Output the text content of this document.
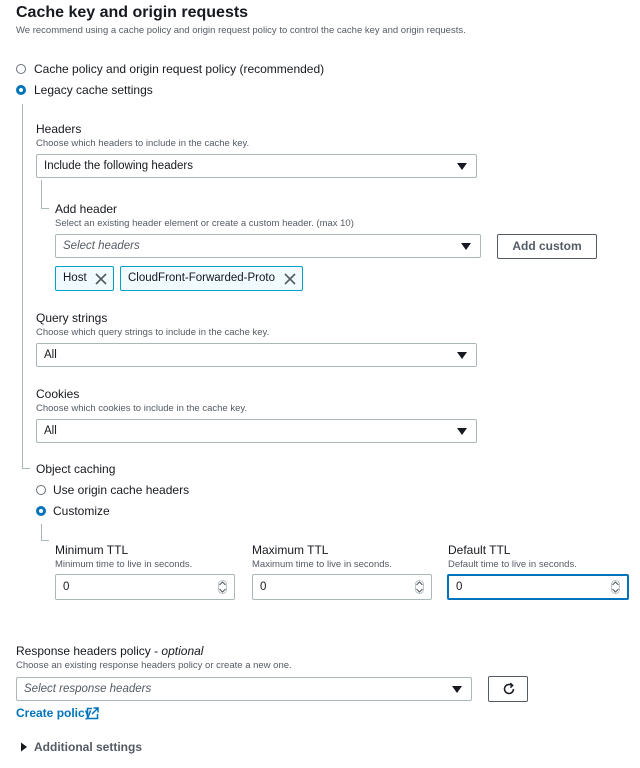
Cache key and origin requests
We recommend using a cache policy and origin request policy to control the cache key and origin requests.
Cache policy and origin request policy (recommended)
Legacy cache settings
Headers
Choose which headers to include in the cache key.
Include the following headers
Add header
Select an existing header element or create a custom header. (max 10)
Select headers	Add custom
Host	CloudFront-Forwarded-Proto
Query strings
Choose which query strings to include in the cache key.
All
Cookies
Choose which cookies to include in the cache key.
All
Object caching
Use origin cache headers
Customize
Minimum TTL
Minimum time to live in seconds.
0
Maximum TTL
Maximum time to live in seconds.
0
Default TTL
Default time to live in seconds.
0
Response headers policy - optional
Choose an existing response headers policy or create a new one.
Select response headers
Create policy
Additional settings
